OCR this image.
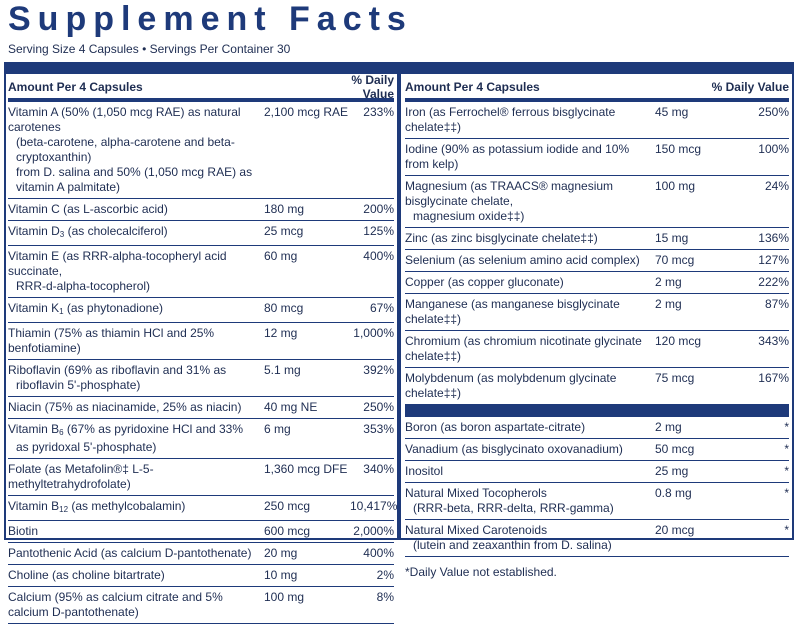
Supplement Facts
Serving Size 4 Capsules • Servings Per Container 30
Amount Per 4 Capsules	% Daily Value
Vitamin A (50% (1,050 mcg RAE) as natural carotenes
(beta-carotene, alpha-carotene and beta-cryptoxanthin)
from D. salina and 50% (1,050 mcg RAE) as vitamin A palmitate)
2,100 mcg RAE	233%
Vitamin C (as L-ascorbic acid)	180 mg	200%
Vitamin $D_3$ (as cholecalciferol)	25 mcg	125%
Vitamin E (as RRR-alpha-tocopheryl acid succinate,
RRR-d-alpha-tocopherol)
60 mg	400%
Vitamin $K_1$ (as phytonadione)	80 mcg	67%
Thiamin (75% as thiamin HCl and 25% benfotiamine)
12 mg	1,000%
Riboflavin (69% as riboflavin and 31% as
riboflavin 5'-phosphate)
5.1 mg	392%
Niacin (75% as niacinamide, 25% as niacin)	40 mg NE	250%
Vitamin $B_6$ (67% as pyridoxine HCl and 33%
as pyridoxal 5'-phosphate)
6 mg	353%
Folate (as Metafolin®‡ L-5-methyltetrahydrofolate)
1,360 mcg DFE	340%
Vitamin $B_{12}$ (as methylcobalamin)	250 mcg	10,417%
Biotin	600 mcg	2,000%
Pantothenic Acid (as calcium D-pantothenate)	20 mg	400%
Choline (as choline bitartrate)	10 mg	2%
Calcium (95% as calcium citrate and 5% calcium D-pantothenate)
100 mg	8%
Amount Per 4 Capsules	% Daily Value
Iron (as Ferrochel® ferrous bisglycinate chelate‡‡)
45 mg	250%
Iodine (90% as potassium iodide and 10% from kelp)
150 mcg	100%
Magnesium (as TRAACS® magnesium bisglycinate chelate,
magnesium oxide‡‡)
100 mg	24%
Zinc (as zinc bisglycinate chelate‡‡)	15 mg	136%
Selenium (as selenium amino acid complex)	70 mcg	127%
Copper (as copper gluconate)	2 mg	222%
Manganese (as manganese bisglycinate chelate‡‡)
2 mg	87%
Chromium (as chromium nicotinate glycinate chelate‡‡)
120 mcg	343%
Molybdenum (as molybdenum glycinate chelate‡‡)
75 mcg	167%
Boron (as boron aspartate-citrate)	2 mg	*
Vanadium (as bisglycinato oxovanadium)	50 mcg	*
Inositol	25 mg	*
Natural Mixed Tocopherols
(RRR-beta, RRR-delta, RRR-gamma)
0.8 mg	*
Natural Mixed Carotenoids
(lutein and zeaxanthin from D. salina)
20 mcg	*
*Daily Value not established.
